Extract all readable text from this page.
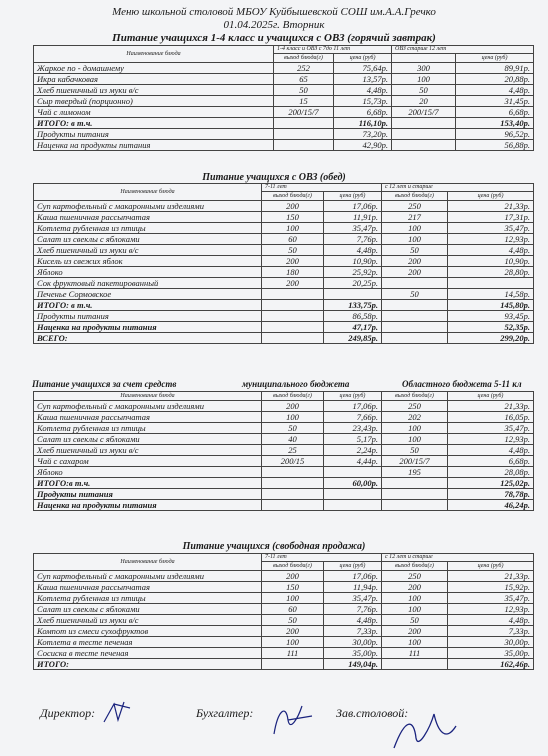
Меню школьной столовой МБОУ Куйбышевской СОШ им.А.А.Гречко
01.04.2025г. Вторник
Питание учащихся 1-4 класс и учащихся с ОВЗ (горячий завтрак)
Наименование блюда	1-4 класс и ОВЗ с 7до 11 лет		ОВЗ старше 12 лет	
	выход блюда(г)	цена (руб)		цена (руб)
Жаркое по - домашнему	252	75,64р.	300	89,91р.
Икра кабачковая	65	13,57р.	100	20,88р.
Хлеб пшеничный из муки в/с	50	4,48р.	50	4,48р.
Сыр твердый (порционно)	15	15,73р.	20	31,45р.
Чай с лимоном	200/15/7	6,68р.	200/15/7	6,68р.
ИТОГО: в т.ч.		116,10р.		153,40р.
Продукты питания		73,20р.		96,52р.
Наценка на продукты питания		42,90р.		56,88р.
Питание учащихся с ОВЗ (обед)
Наименование блюда	7-11 лет		с 12 лет и старше	
	выход блюда(г)	цена (руб)	выход блюда(г)	цена (руб)
Суп картофельный с макаронными изделиями	200	17,06р.	250	21,33р.
Каша пшеничная рассыпчатая	150	11,91р.	217	17,31р.
Котлета рубленная из птицы	100	35,47р.	100	35,47р.
Салат из свеклы с яблоками	60	7,76р.	100	12,93р.
Хлеб пшеничный из муки в/с	50	4,48р.	50	4,48р.
Кисель из свежих яблок	200	10,90р.	200	10,90р.
Яблоко	180	25,92р.	200	28,80р.
Сок фруктовый пакетированный	200	20,25р.		
Печенье Сормовское			50	14,58р.
ИТОГО: в т.ч.		133,75р.		145,80р.
Продукты питания		86,58р.		93,45р.
Наценка на продукты питания		47,17р.		52,35р.
ВСЕГО:		249,85р.		299,20р.
Питание учащихся за счет средств	муниципального бюджета	Областного бюджета 5-11 кл
Наименование блюда	выход блюда(г)	цена (руб)	выход блюда(г)	цена (руб)
Суп картофельный с макаронными изделиями	200	17,06р.	250	21,33р.
Каша пшеничная рассыпчатая	100	7,66р.	202	16,05р.
Котлета рубленная из птицы	50	23,43р.	100	35,47р.
Салат из свеклы с яблоками	40	5,17р.	100	12,93р.
Хлеб пшеничный из муки в/с	25	2,24р.	50	4,48р.
Чай с сахаром	200/15	4,44р.	200/15/7	6,68р.
Яблоко			195	28,08р.
ИТОГО:в т.ч.		60,00р.		125,02р.
Продукты питания				78,78р.
Наценка на продукты питания				46,24р.
Питание учащихся (свободная продажа)
Наименование блюда	7-11 лет		с 12 лет и старше	
	выход блюда(г)	цена (руб)	выход блюда(г)	цена (руб)
Суп картофельный с макаронными изделиями	200	17,06р.	250	21,33р.
Каша пшеничная рассыпчатая	150	11,94р.	200	15,92р.
Котлета рубленная из птицы	100	35,47р.	100	35,47р.
Салат из свеклы с яблоками	60	7,76р.	100	12,93р.
Хлеб пшеничный из муки в/с	50	4,48р.	50	4,48р.
Компот из смеси сухофруктов	200	7,33р.	200	7,33р.
Котлета в тесте печеная	100	30,00р.	100	30,00р.
Сосиска в тесте печеная	111	35,00р.	111	35,00р.
ИТОГО:		149,04р.		162,46р.
Директор:	Бухгалтер:	Зав.столовой:
